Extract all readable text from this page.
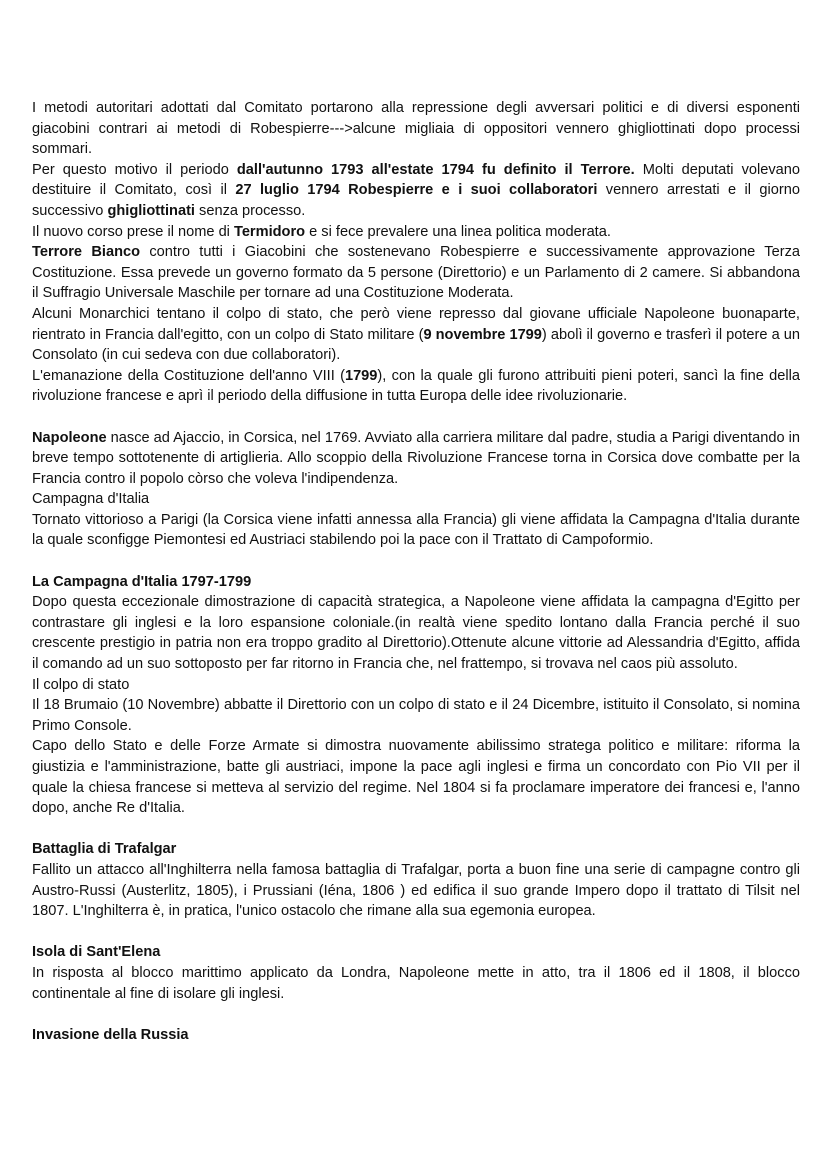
I metodi autoritari adottati dal Comitato portarono alla repressione degli avversari politici e di diversi esponenti giacobini contrari ai metodi di Robespierre--->alcune migliaia di oppositori vennero ghigliottinati dopo processi sommari.

Per questo motivo il periodo dall'autunno 1793 all'estate 1794 fu definito il Terrore. Molti deputati volevano destituire il Comitato, così il 27 luglio 1794 Robespierre e i suoi collaboratori vennero arrestati e il giorno successivo ghigliottinati senza processo.

Il nuovo corso prese il nome di Termidoro e si fece prevalere una linea politica moderata.

Terrore Bianco contro tutti i Giacobini che sostenevano Robespierre e successivamente approvazione Terza Costituzione. Essa prevede un governo formato da 5 persone (Direttorio) e un Parlamento di 2 camere. Si abbandona il Suffragio Universale Maschile per tornare ad una Costituzione Moderata.

Alcuni Monarchici tentano il colpo di stato, che però viene represso dal giovane ufficiale Napoleone buonaparte, rientrato in Francia dall'egitto, con un colpo di Stato militare (9 novembre 1799) abolì il governo e trasferì il potere a un Consolato (in cui sedeva con due collaboratori).

L'emanazione della Costituzione dell'anno VIII (1799), con la quale gli furono attribuiti pieni poteri, sancì la fine della rivoluzione francese e aprì il periodo della diffusione in tutta Europa delle idee rivoluzionarie.

Napoleone nasce ad Ajaccio, in Corsica, nel 1769. Avviato alla carriera militare dal padre, studia a Parigi diventando in breve tempo sottotenente di artiglieria. Allo scoppio della Rivoluzione Francese torna in Corsica dove combatte per la Francia contro il popolo còrso che voleva l'indipendenza.

Campagna d'Italia

Tornato vittorioso a Parigi (la Corsica viene infatti annessa alla Francia) gli viene affidata la Campagna d'Italia durante la quale sconfigge Piemontesi ed Austriaci stabilendo poi la pace con il Trattato di Campoformio.

La Campagna d'Italia 1797-1799

Dopo questa eccezionale dimostrazione di capacità strategica, a Napoleone viene affidata la campagna d'Egitto per contrastare gli inglesi e la loro espansione coloniale.(in realtà viene spedito lontano dalla Francia perché il suo crescente prestigio in patria non era troppo gradito al Direttorio).Ottenute alcune vittorie ad Alessandria d'Egitto, affida il comando ad un suo sottoposto per far ritorno in Francia che, nel frattempo, si trovava nel caos più assoluto.

Il colpo di stato

Il 18 Brumaio (10 Novembre) abbatte il Direttorio con un colpo di stato e il 24 Dicembre, istituito il Consolato, si nomina Primo Console.

Capo dello Stato e delle Forze Armate si dimostra nuovamente abilissimo stratega politico e militare: riforma la giustizia e l'amministrazione, batte gli austriaci, impone la pace agli inglesi e firma un concordato con Pio VII per il quale la chiesa francese si metteva al servizio del regime. Nel 1804 si fa proclamare imperatore dei francesi e, l'anno dopo, anche Re d'Italia.

Battaglia di Trafalgar

Fallito un attacco all'Inghilterra nella famosa battaglia di Trafalgar, porta a buon fine una serie di campagne contro gli Austro-Russi (Austerlitz, 1805), i Prussiani (Iéna, 1806 ) ed edifica il suo grande Impero dopo il trattato di Tilsit nel 1807. L'Inghilterra è, in pratica, l'unico ostacolo che rimane alla sua egemonia europea.

Isola di Sant'Elena

In risposta al blocco marittimo applicato da Londra, Napoleone mette in atto, tra il 1806 ed il 1808, il blocco continentale al fine di isolare gli inglesi.

Invasione della Russia
